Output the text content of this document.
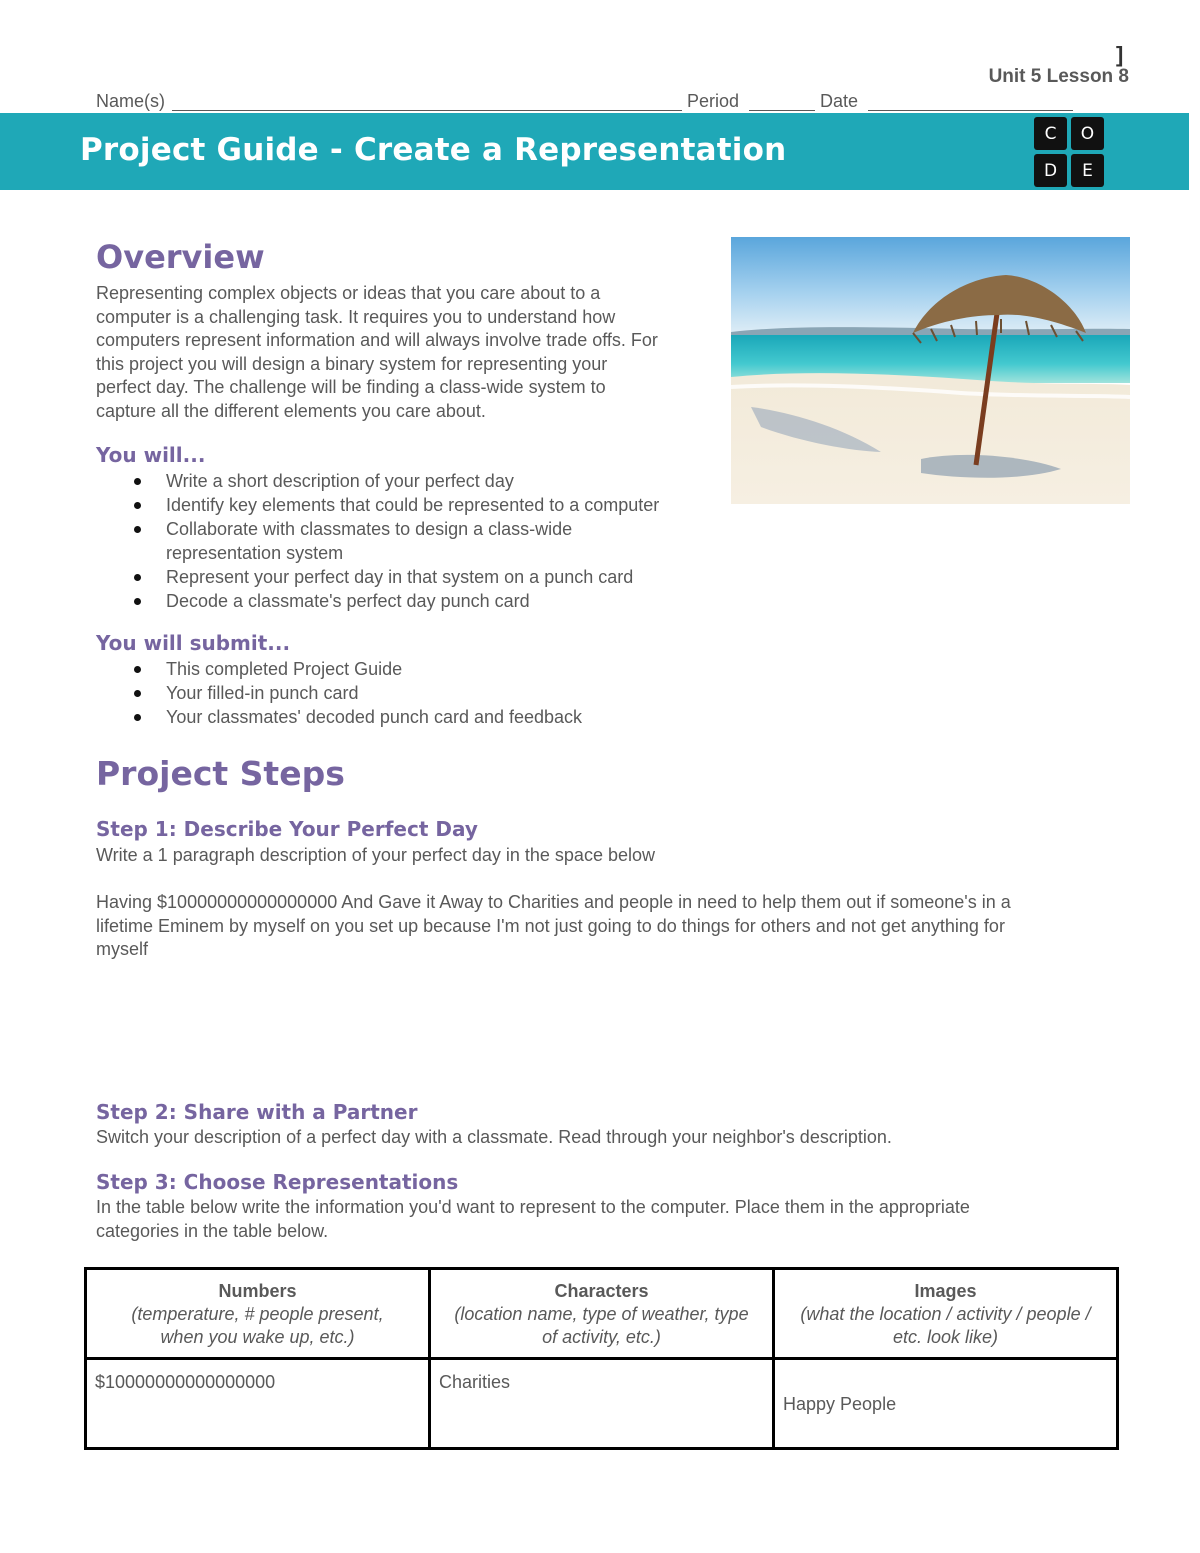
]
Unit 5 Lesson 8
Name(s)	Period	Date
Project Guide - Create a Representation	C	O
D	E
Overview
Representing complex objects or ideas that you care about to a
computer is a challenging task. It requires you to understand how
computers represent information and will always involve trade offs. For
this project you will design a binary system for representing your
perfect day. The challenge will be finding a class-wide system to
capture all the different elements you care about.
You will...
Write a short description of your perfect day
Identify key elements that could be represented to a computer
Collaborate with classmates to design a class-wide representation system
Represent your perfect day in that system on a punch card
Decode a classmate's perfect day punch card
You will submit...
This completed Project Guide
Your filled-in punch card
Your classmates' decoded punch card and feedback
Project Steps
Step 1: Describe Your Perfect Day
Write a 1 paragraph description of your perfect day in the space below
Having $10000000000000000 And Gave it Away to Charities and people in need to help them out if someone's in a
lifetime Eminem by myself on you set up because I'm not just going to do things for others and not get anything for
myself
Step 2: Share with a Partner
Switch your description of a perfect day with a classmate. Read through your neighbor's description.
Step 3: Choose Representations
In the table below write the information you'd want to represent to the computer. Place them in the appropriate
categories in the table below.
Numbers
(temperature, # people present,
when you wake up, etc.)	Characters
(location name, type of weather, type
of activity, etc.)	Images
(what the location / activity / people /
etc. look like)

$10000000000000000	Charities	Happy People
